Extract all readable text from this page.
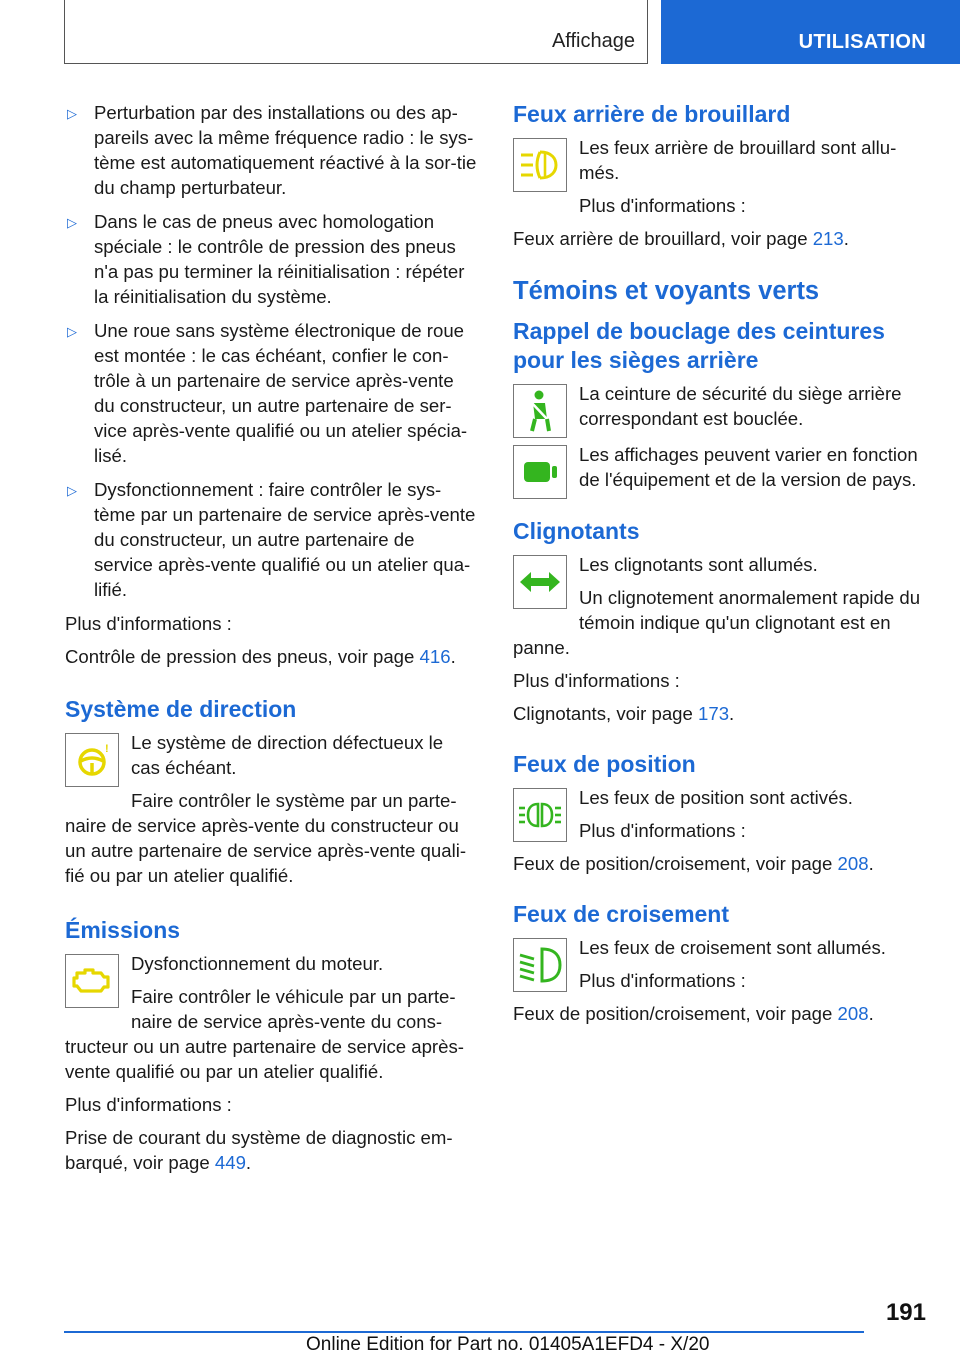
Affichage	UTILISATION
▷ Perturbation par des installations ou des ap-pareils avec la même fréquence radio : le sys-tème est automatiquement réactivé à la sor-tie du champ perturbateur.
▷ Dans le cas de pneus avec homologation spéciale : le contrôle de pression des pneus n'a pas pu terminer la réinitialisation : répéter la réinitialisation du système.
▷ Une roue sans système électronique de roue est montée : le cas échéant, confier le con-trôle à un partenaire de service après-vente du constructeur, un autre partenaire de ser-vice après-vente qualifié ou un atelier spécia-lisé.
▷ Dysfonctionnement : faire contrôler le sys-tème par un partenaire de service après-vente du constructeur, un autre partenaire de service après-vente qualifié ou un atelier qua-lifié.

Plus d'informations :

Contrôle de pression des pneus, voir page 416.

Système de direction
!	Le système de direction défectueux le cas échéant.

Faire contrôler le système par un parte-naire de service après-vente du constructeur ou un autre partenaire de service après-vente quali-fié ou par un atelier qualifié.

Émissions

Dysfonctionnement du moteur.

Faire contrôler le véhicule par un parte-naire de service après-vente du cons-tructeur ou un autre partenaire de service après-vente qualifié ou par un atelier qualifié.

Plus d'informations :

Prise de courant du système de diagnostic em-barqué, voir page 449.

Feux arrière de brouillard

Les feux arrière de brouillard sont allu-més.

Plus d'informations :

Feux arrière de brouillard, voir page 213.

Témoins et voyants verts
Rappel de bouclage des ceintures pour les sièges arrière

La ceinture de sécurité du siège arrière correspondant est bouclée.

Les affichages peuvent varier en fonction de l'équipement et de la version de pays.

Clignotants

Les clignotants sont allumés.

Un clignotement anormalement rapide du témoin indique qu'un clignotant est en panne.

Plus d'informations :

Clignotants, voir page 173.

Feux de position

Les feux de position sont activés.

Plus d'informations :

Feux de position/croisement, voir page 208.

Feux de croisement

Les feux de croisement sont allumés.

Plus d'informations :

Feux de position/croisement, voir page 208.

191
Online Edition for Part no. 01405A1EFD4 - X/20
